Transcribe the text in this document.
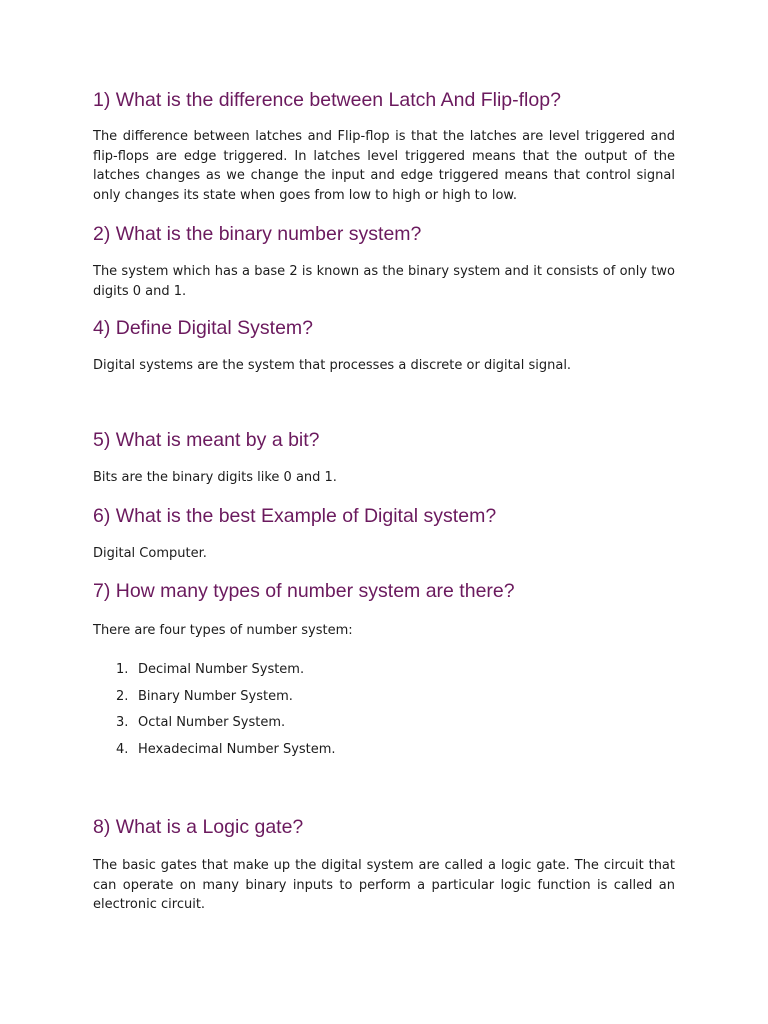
1) What is the difference between Latch And Flip-flop?

The difference between latches and Flip-flop is that the latches are level triggered and flip-flops are edge triggered. In latches level triggered means that the output of the latches changes as we change the input and edge triggered means that control signal only changes its state when goes from low to high or high to low.

2) What is the binary number system?

The system which has a base 2 is known as the binary system and it consists of only two digits 0 and 1.

4) Define Digital System?

Digital systems are the system that processes a discrete or digital signal.

5) What is meant by a bit?

Bits are the binary digits like 0 and 1.

6) What is the best Example of Digital system?

Digital Computer.

7) How many types of number system are there?

There are four types of number system:

1. Decimal Number System.
2. Binary Number System.
3. Octal Number System.
4. Hexadecimal Number System.
8) What is a Logic gate?

The basic gates that make up the digital system are called a logic gate. The circuit that can operate on many binary inputs to perform a particular logic function is called an electronic circuit.
